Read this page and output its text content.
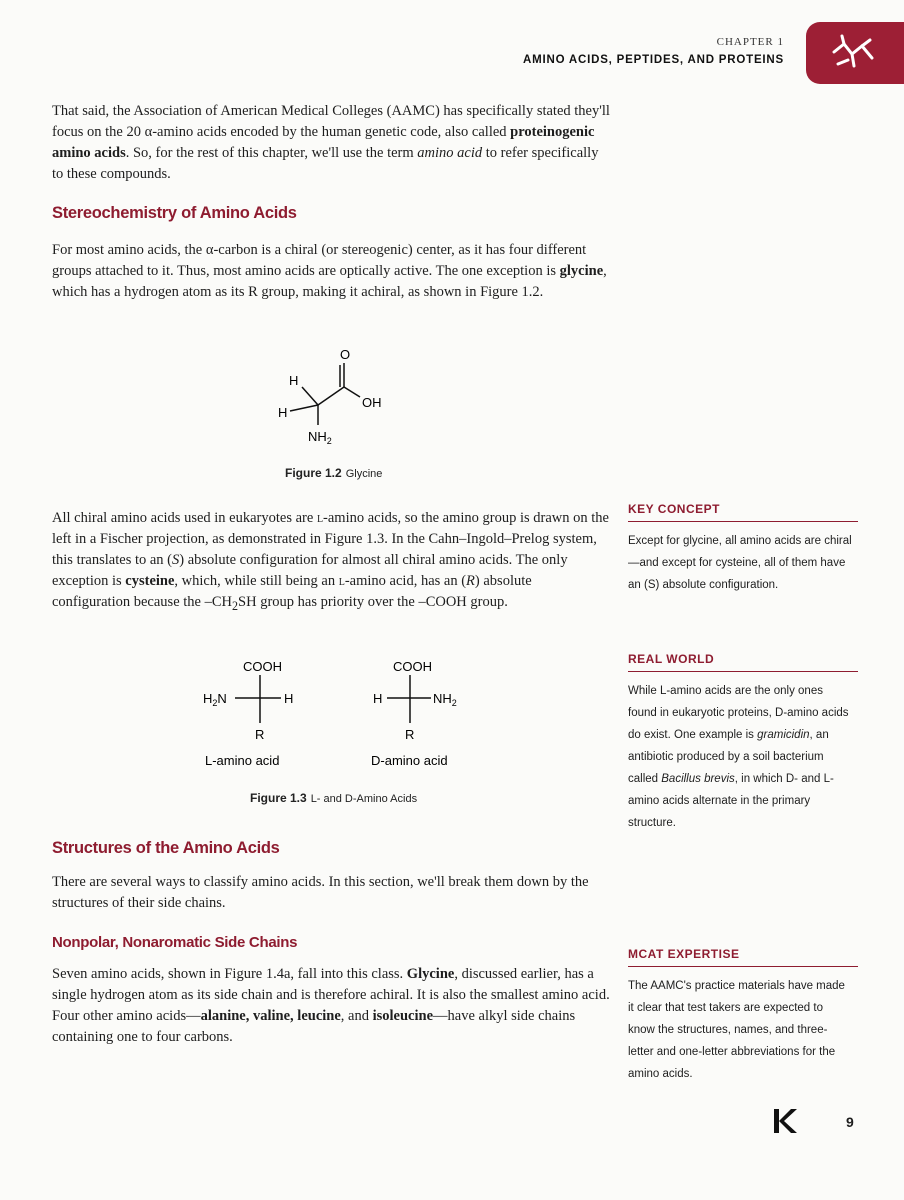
CHAPTER 1
AMINO ACIDS, PEPTIDES, AND PROTEINS

That said, the Association of American Medical Colleges (AAMC) has specifically stated they'll focus on the 20 α-amino acids encoded by the human genetic code, also called proteinogenic amino acids. So, for the rest of this chapter, we'll use the term amino acid to refer specifically to these compounds.

Stereochemistry of Amino Acids

For most amino acids, the α-carbon is a chiral (or stereogenic) center, as it has four different groups attached to it. Thus, most amino acids are optically active. The one exception is glycine, which has a hydrogen atom as its R group, making it achiral, as shown in Figure 1.2.

O
OH
H
H
$NH_2$
Figure 1.2 Glycine

All chiral amino acids used in eukaryotes are l-amino acids, so the amino group is drawn on the left in a Fischer projection, as demonstrated in Figure 1.3. In the Cahn–Ingold–Prelog system, this translates to an (S) absolute configuration for almost all chiral amino acids. The only exception is cysteine, which, while still being an l-amino acid, has an (R) absolute configuration because the $-CH_2SH$ group has priority over the –COOH group.

COOH
$H_2N$	H
R
L-amino acid
COOH
H	$NH_2$
R
D-amino acid
Figure 1.3 L- and D-Amino Acids
Structures of the Amino Acids
There are several ways to classify amino acids. In this section, we'll break them down by the structures of their side chains.
Nonpolar, Nonaromatic Side Chains

Seven amino acids, shown in Figure 1.4a, fall into this class. Glycine, discussed earlier, has a single hydrogen atom as its side chain and is therefore achiral. It is also the smallest amino acid. Four other amino acids—alanine, valine, leucine, and isoleucine—have alkyl side chains containing one to four carbons.

KEY CONCEPT
Except for glycine, all amino acids are chiral—and except for cysteine, all of them have an (S) absolute configuration.
REAL WORLD
While L-amino acids are the only ones found in eukaryotic proteins, D-amino acids do exist. One example is gramicidin, an antibiotic produced by a soil bacterium called Bacillus brevis, in which D- and L-amino acids alternate in the primary structure.
MCAT EXPERTISE
The AAMC's practice materials have made it clear that test takers are expected to know the structures, names, and three-letter and one-letter abbreviations for the amino acids.
9
